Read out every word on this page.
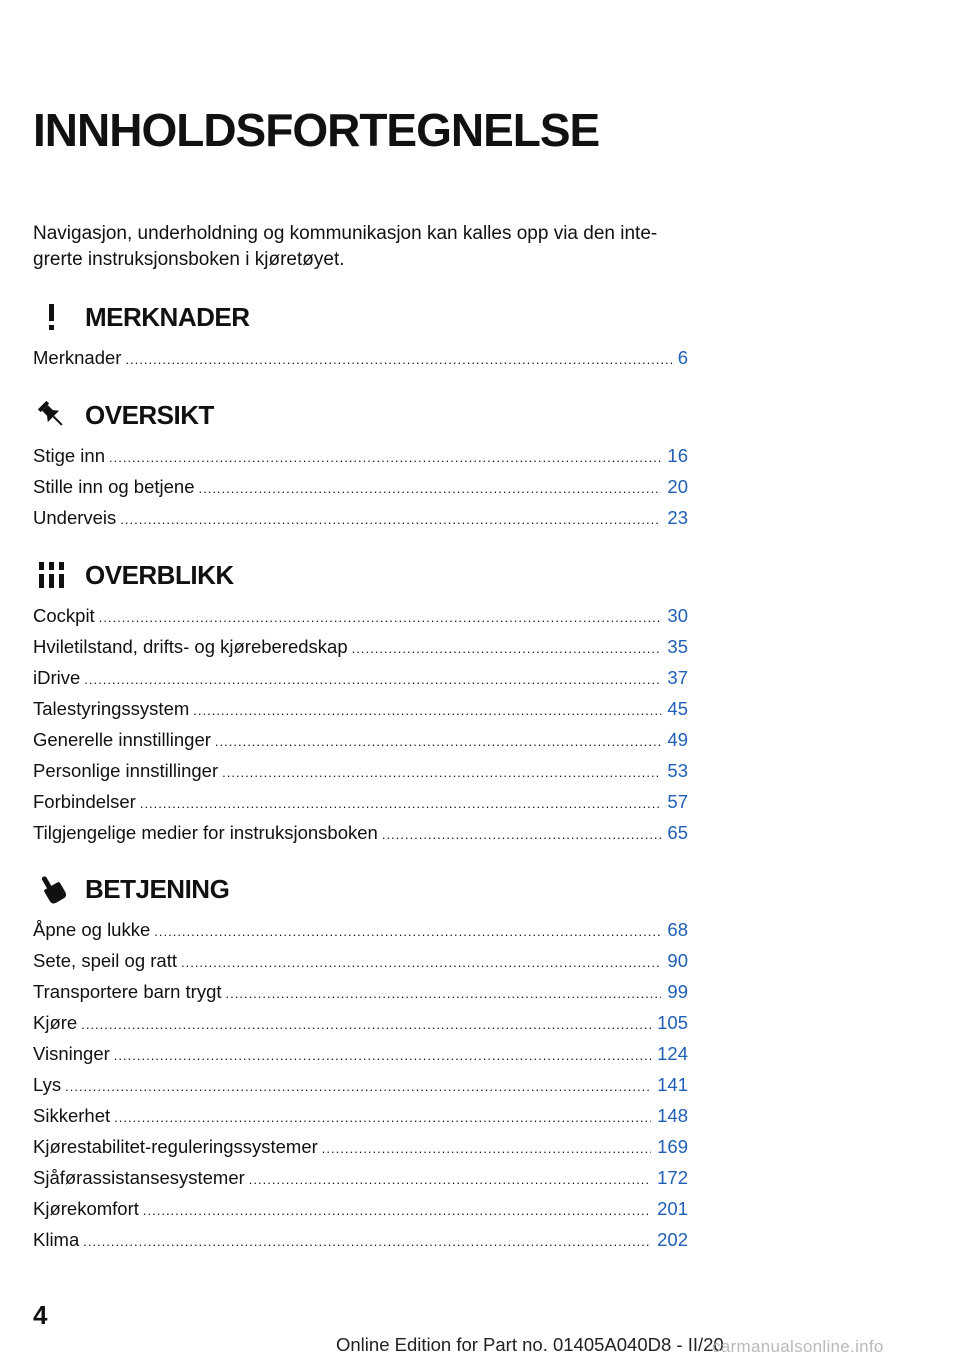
INNHOLDSFORTEGNELSE

Navigasjon, underholdning og kommunikasjon kan kalles opp via den inte‐ grerte instruksjonsboken i kjøretøyet.

MERKNADER
Merknader .....	6
OVERSIKT
Stige inn .....	16
Stille inn og betjene .....	20
Underveis .....	23
OVERBLIKK
Cockpit .....	30
Hviletilstand, drifts- og kjøreberedskap .....	35
iDrive .....	37
Talestyringssystem .....	45
Generelle innstillinger .....	49
Personlige innstillinger .....	53
Forbindelser .....	57
Tilgjengelige medier for instruksjonsboken .....	65
BETJENING
Åpne og lukke .....	68
Sete, speil og ratt .....	90
Transportere barn trygt .....	99
Kjøre .....	105
Visninger .....	124
Lys .....	141
Sikkerhet .....	148
Kjørestabilitet-reguleringssystemer .....	169
Sjåførassistansesystemer .....	172
Kjørekomfort .....	201
Klima .....	202
4
Online Edition for Part no. 01405A040D8 - II/20
carmanualsonline.info
